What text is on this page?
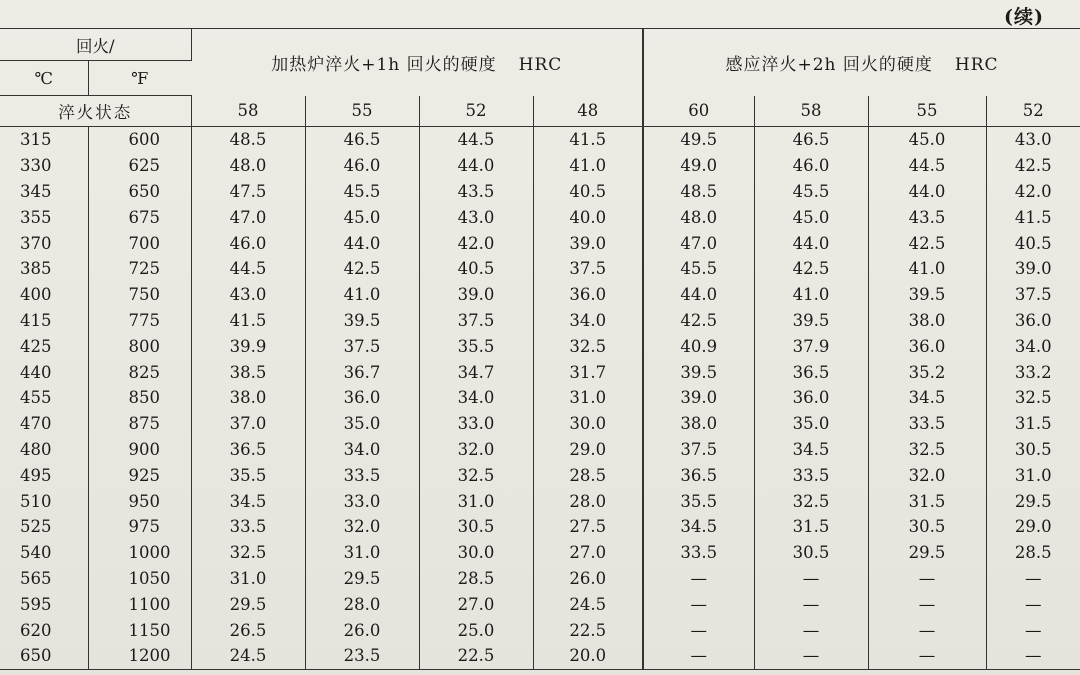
(续)
回火/		加热炉淬火+1h 回火的硬度 HRC				感应淬火+2h 回火的硬度 HRC			
℃	℉								
淬火状态		58	55	52	48	60	58	55	52
315	600	48.5	46.5	44.5	41.5	49.5	46.5	45.0	43.0
330	625	48.0	46.0	44.0	41.0	49.0	46.0	44.5	42.5
345	650	47.5	45.5	43.5	40.5	48.5	45.5	44.0	42.0
355	675	47.0	45.0	43.0	40.0	48.0	45.0	43.5	41.5
370	700	46.0	44.0	42.0	39.0	47.0	44.0	42.5	40.5
385	725	44.5	42.5	40.5	37.5	45.5	42.5	41.0	39.0
400	750	43.0	41.0	39.0	36.0	44.0	41.0	39.5	37.5
415	775	41.5	39.5	37.5	34.0	42.5	39.5	38.0	36.0
425	800	39.9	37.5	35.5	32.5	40.9	37.9	36.0	34.0
440	825	38.5	36.7	34.7	31.7	39.5	36.5	35.2	33.2
455	850	38.0	36.0	34.0	31.0	39.0	36.0	34.5	32.5
470	875	37.0	35.0	33.0	30.0	38.0	35.0	33.5	31.5
480	900	36.5	34.0	32.0	29.0	37.5	34.5	32.5	30.5
495	925	35.5	33.5	32.5	28.5	36.5	33.5	32.0	31.0
510	950	34.5	33.0	31.0	28.0	35.5	32.5	31.5	29.5
525	975	33.5	32.0	30.5	27.5	34.5	31.5	30.5	29.0
540	1000	32.5	31.0	30.0	27.0	33.5	30.5	29.5	28.5
565	1050	31.0	29.5	28.5	26.0	—	—	—	—
595	1100	29.5	28.0	27.0	24.5	—	—	—	—
620	1150	26.5	26.0	25.0	22.5	—	—	—	—
650	1200	24.5	23.5	22.5	20.0	—	—	—	—
